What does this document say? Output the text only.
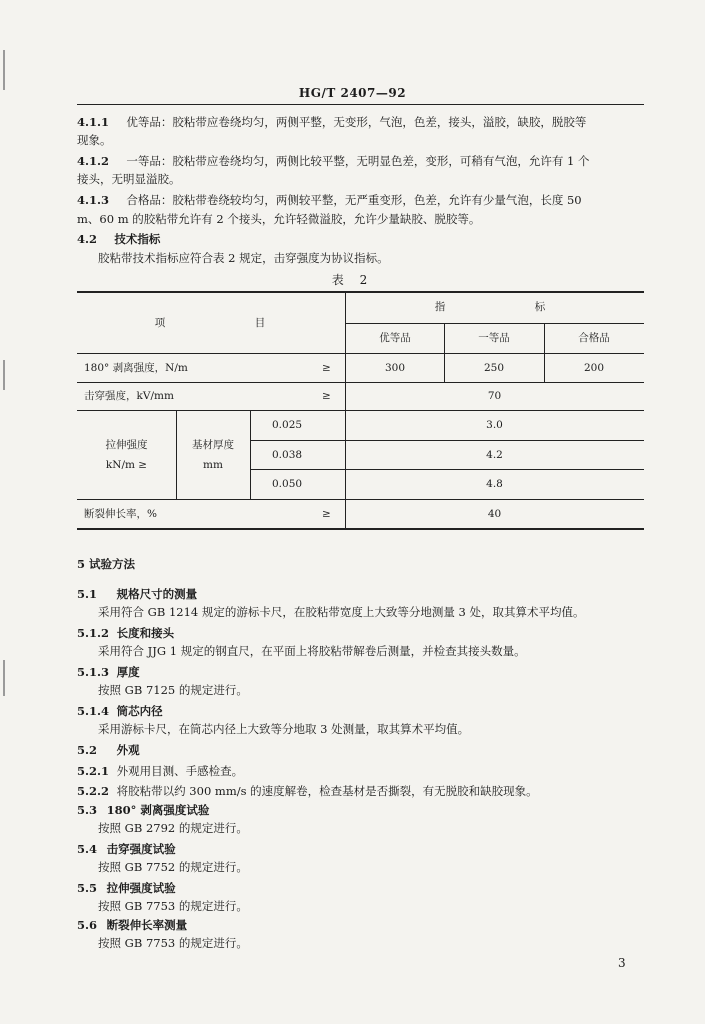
HG/T 2407—92
4.1.1 优等品：胶粘带应卷绕均匀，两侧平整，无变形，气泡，色差，接头，溢胶，缺胶，脱胶等
现象。
4.1.2 一等品：胶粘带应卷绕均匀，两侧比较平整，无明显色差，变形，可稍有气泡，允许有 1 个
接头，无明显溢胶。
4.1.3 合格品：胶粘带卷绕较均匀，两侧较平整，无严重变形，色差，允许有少量气泡，长度 50
m、60 m 的胶粘带允许有 2 个接头，允许轻微溢胶，允许少量缺胶、脱胶等。
4.2 技术指标
胶粘带技术指标应符合表 2 规定，击穿强度为协议指标。
表 2
项	目
指	标
优等品	一等品	合格品
180° 剥离强度，N/m	≥	300	250	200
击穿强度，kV/mm	≥	70
拉伸强度
kN/m ≥
基材厚度
mm
0.025	3.0
0.038	4.2
0.050	4.8
断裂伸长率，%	≥	40
5 试验方法
5.1 规格尺寸的测量
采用符合 GB 1214 规定的游标卡尺，在胶粘带宽度上大致等分地测量 3 处，取其算术平均值。
5.1.2 长度和接头
采用符合 JJG 1 规定的钢直尺，在平面上将胶粘带解卷后测量，并检查其接头数量。
5.1.3 厚度
按照 GB 7125 的规定进行。
5.1.4 筒芯内径
采用游标卡尺，在筒芯内径上大致等分地取 3 处测量，取其算术平均值。
5.2 外观
5.2.1 外观用目测、手感检查。
5.2.2 将胶粘带以约 300 mm/s 的速度解卷，检查基材是否撕裂，有无脱胶和缺胶现象。
5.3 180° 剥离强度试验
按照 GB 2792 的规定进行。
5.4 击穿强度试验
按照 GB 7752 的规定进行。
5.5 拉伸强度试验
按照 GB 7753 的规定进行。
5.6 断裂伸长率测量
按照 GB 7753 的规定进行。
3
